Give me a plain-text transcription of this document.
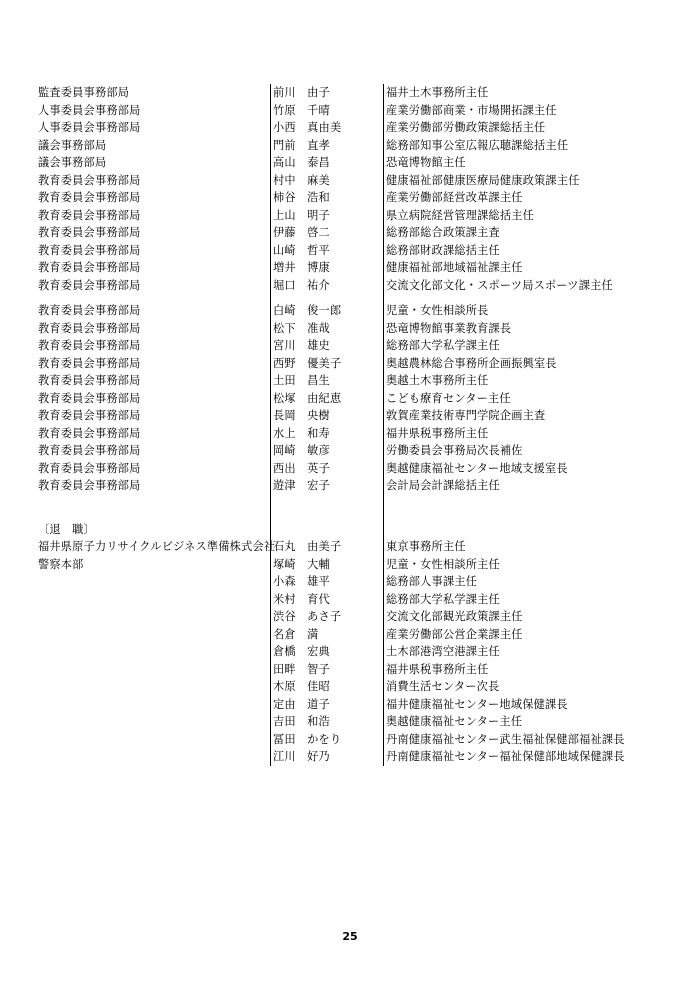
監査委員事務部局		前川　由子		福井土木事務所主任
人事委員会事務部局		竹原　千晴		産業労働部商業・市場開拓課主任
人事委員会事務部局		小西　真由美		産業労働部労働政策課総括主任
議会事務部局		門前　直孝		総務部知事公室広報広聴課総括主任
議会事務部局		高山　泰昌		恐竜博物館主任
教育委員会事務部局		村中　麻美		健康福祉部健康医療局健康政策課主任
教育委員会事務部局		柿谷　浩和		産業労働部経営改革課主任
教育委員会事務部局		上山　明子		県立病院経営管理課総括主任
教育委員会事務部局		伊藤　啓二		総務部総合政策課主査
教育委員会事務部局		山崎　哲平		総務部財政課総括主任
教育委員会事務部局		増井　博康		健康福祉部地域福祉課主任
教育委員会事務部局		堀口　祐介		交流文化部文化・スポーツ局スポーツ課主任

教育委員会事務部局		白崎　俊一郎		児童・女性相談所長
教育委員会事務部局		松下　准哉		恐竜博物館事業教育課長
教育委員会事務部局		宮川　雄史		総務部大学私学課主任
教育委員会事務部局		西野　優美子		奥越農林総合事務所企画振興室長
教育委員会事務部局		土田　昌生		奥越土木事務所主任
教育委員会事務部局		松塚　由紀恵		こども療育センター主任
教育委員会事務部局		長岡　央樹		敦賀産業技術専門学院企画主査
教育委員会事務部局		水上　和寿		福井県税事務所主任
教育委員会事務部局		岡崎　敏彦		労働委員会事務局次長補佐
教育委員会事務部局		西出　英子		奥越健康福祉センター地域支援室長
教育委員会事務部局		遊津　宏子		会計局会計課総括主任

〔退　職〕				
福井県原子力リサイクルビジネス準備株式会社		石丸　由美子		東京事務所主任
警察本部		塚崎　大輔		児童・女性相談所主任
		小森　雄平		総務部人事課主任
		米村　育代		総務部大学私学課主任
		渋谷　あさ子		交流文化部観光政策課主任
		名倉　満		産業労働部公営企業課主任
		倉橋　宏典		土木部港湾空港課主任
		田畔　智子		福井県税事務所主任
		木原　佳昭		消費生活センター次長
		定由　道子		福井健康福祉センター地域保健課長
		吉田　和浩		奥越健康福祉センター主任
		冨田　かをり		丹南健康福祉センター武生福祉保健部福祉課長
		江川　好乃		丹南健康福祉センター福祉保健部地域保健課長
25
